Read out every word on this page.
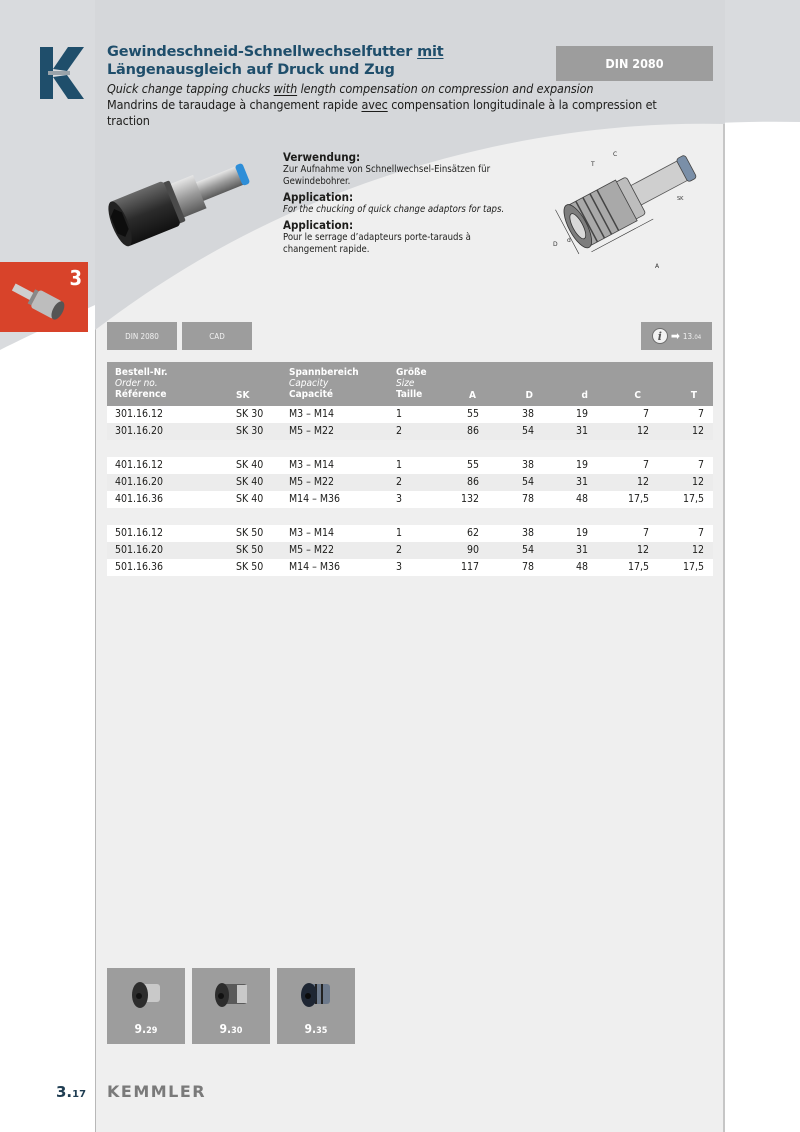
Gewindeschneid-Schnellwechselfutter mit Längenausgleich auf Druck und Zug
Quick change tapping chucks with length compensation on compression and expansion
Mandrins de taraudage à changement rapide avec compensation longitudinale à la compression et traction
DIN 2080
Verwendung:

Zur Aufnahme von Schnellwechsel-Einsätzen für Gewindebohrer.

Application:

For the chucking of quick change adaptors for taps.

Application:

Pour le serrage d’adapteurs porte-tarauds à changement rapide.

A
D
d
T
C
SK
3
DIN 2080	CAD	i ➡ 13.04
Bestell-Nr.
Order no.
Référence	SK
Spannbereich
Capacity
Capacité
Größe
Size
Taille	A	D	d	C	T
301.16.12	SK 30 M3 – M14	1	55	38	19	7	7
301.16.20	SK 30 M5 – M22	2	86	54	31	12	12
401.16.12	SK 40 M3 – M14	1	55	38	19	7	7
401.16.20	SK 40 M5 – M22	2	86	54	31	12	12
401.16.36	SK 40 M14 – M36	3	132	78	48	17,5	17,5
501.16.12	SK 50 M3 – M14	1	62	38	19	7	7
501.16.20	SK 50 M5 – M22	2	90	54	31	12	12
501.16.36	SK 50 M14 – M36	3	117	78	48	17,5	17,5
9.29	9.30	9.35
3.17 KEMMLER
